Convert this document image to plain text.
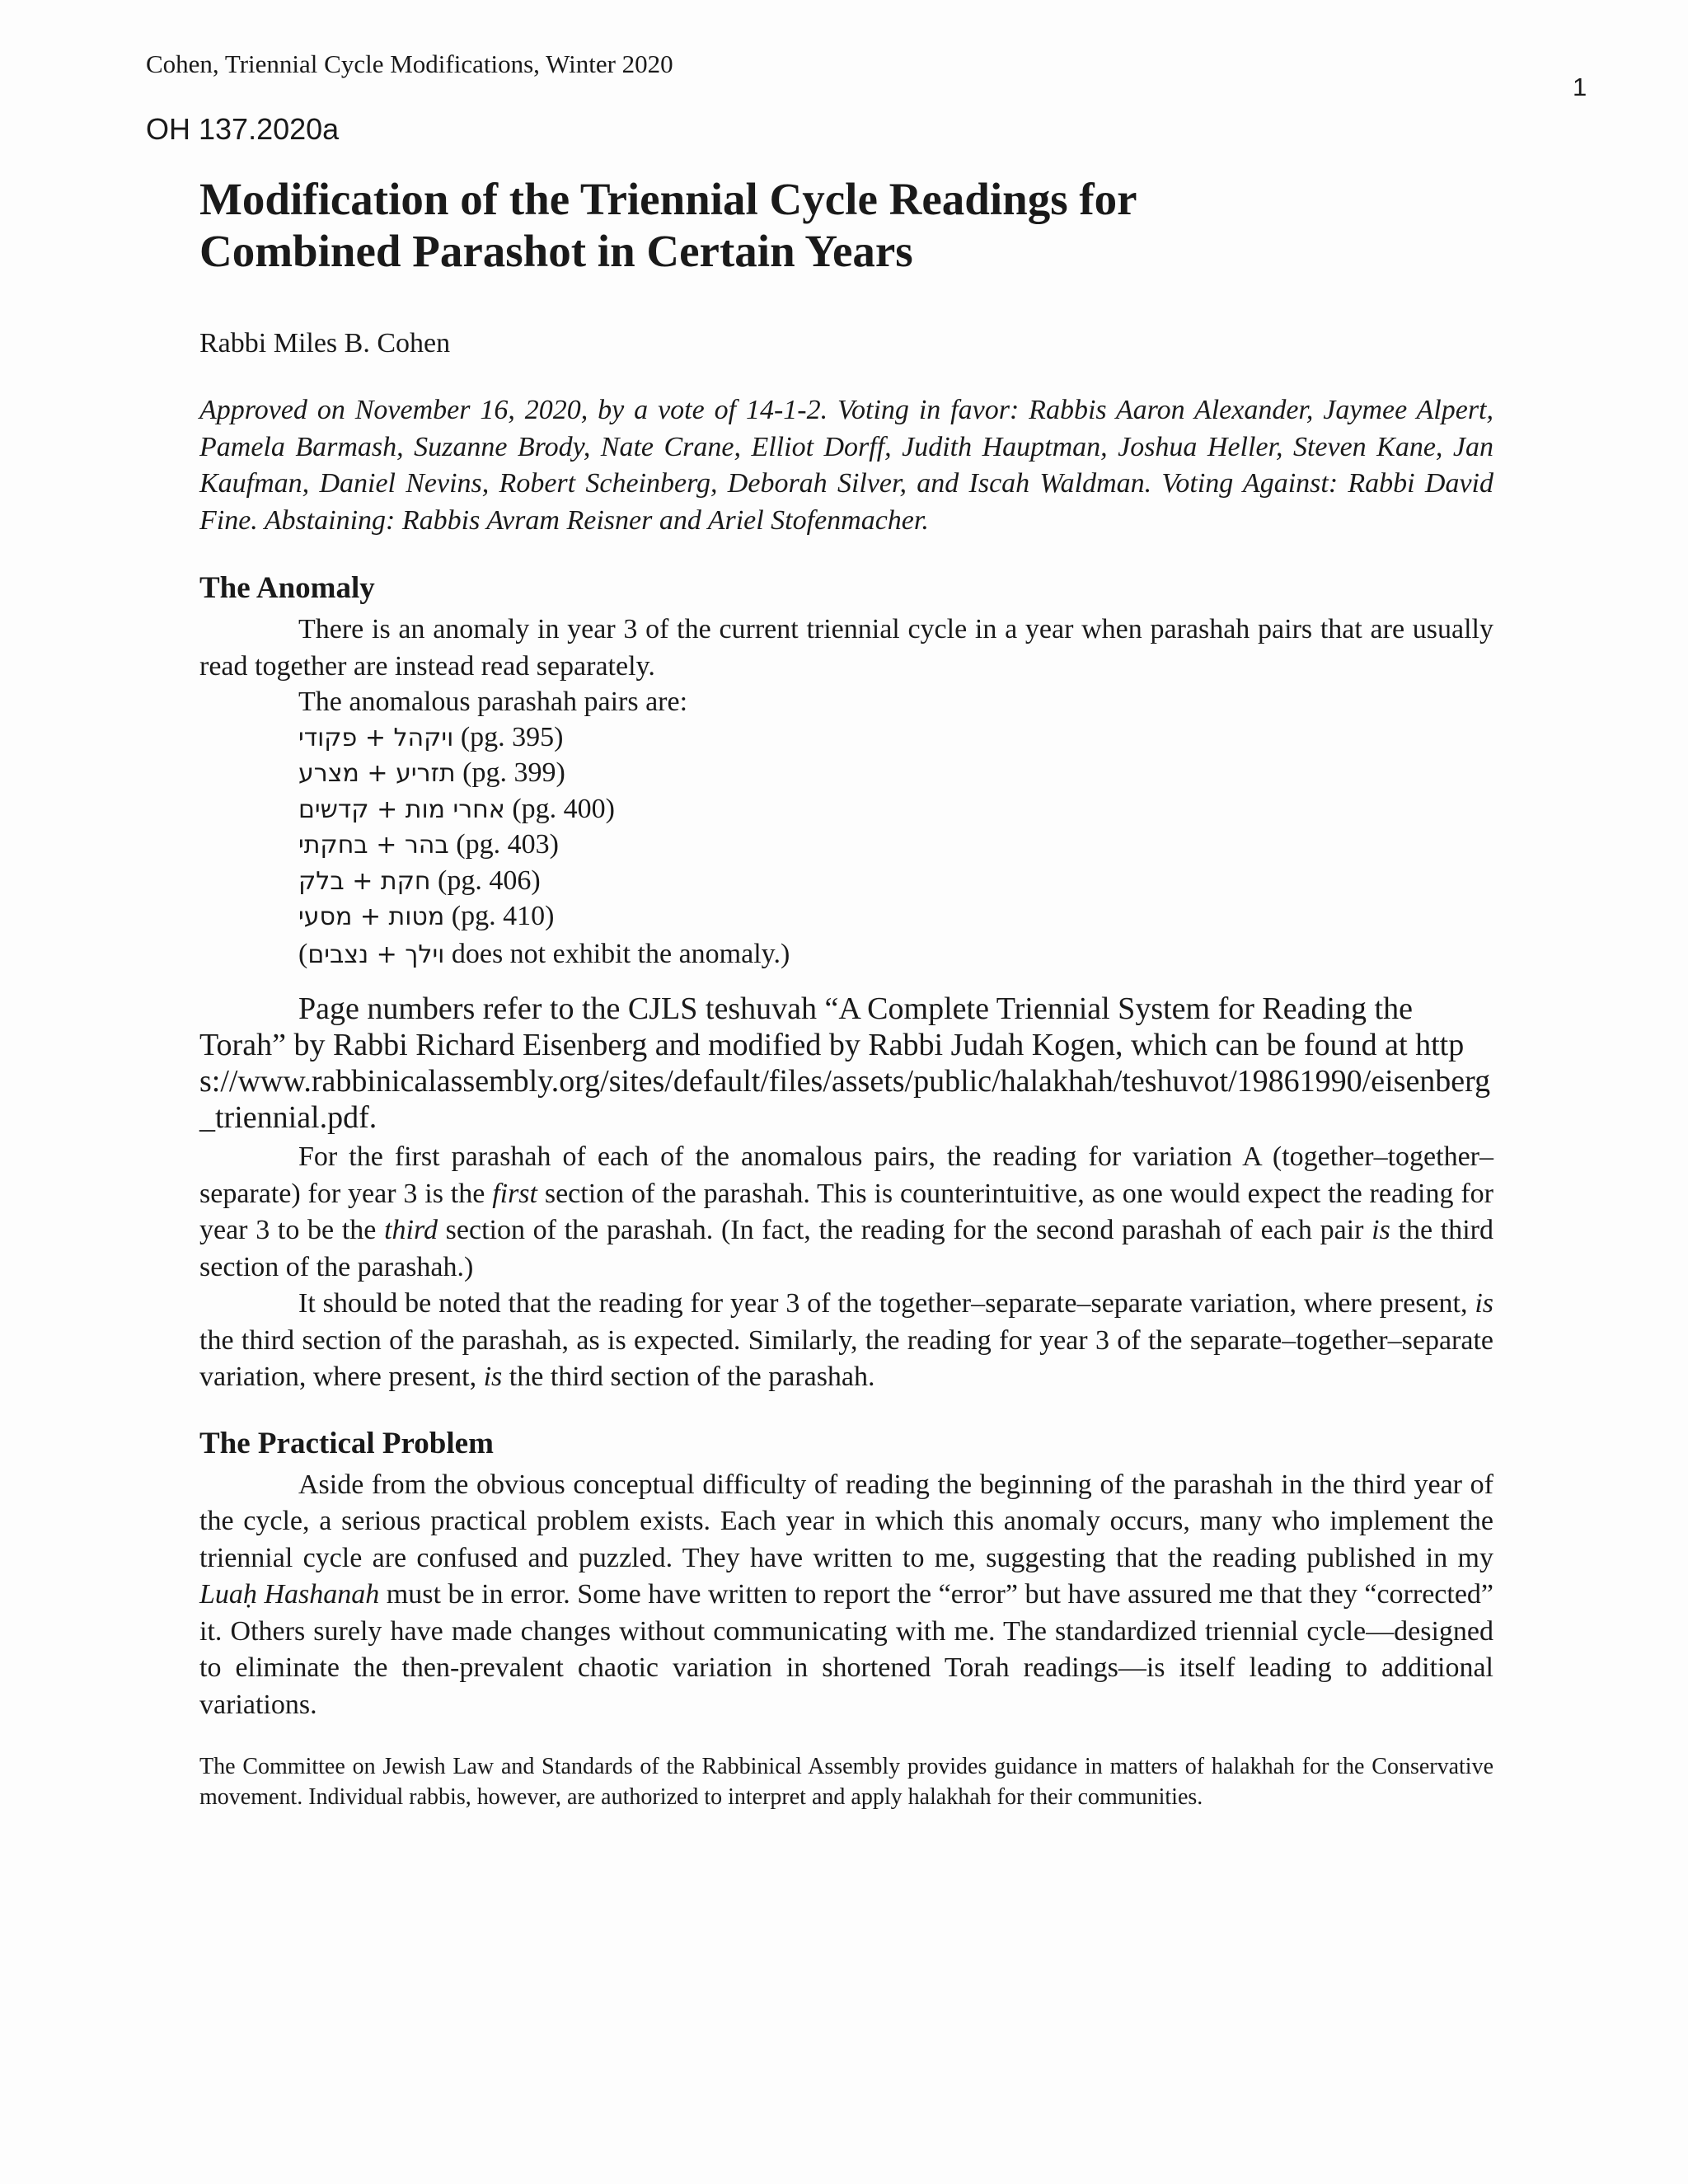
Cohen, Triennial Cycle Modifications, Winter 2020
1
OH 137.2020a
Modification of the Triennial Cycle Readings for
Combined Parashot in Certain Years
Rabbi Miles B. Cohen

Approved on November 16, 2020, by a vote of 14-1-2. Voting in favor: Rabbis Aaron Alexander, Jaymee Alpert, Pamela Barmash, Suzanne Brody, Nate Crane, Elliot Dorff, Judith Hauptman, Joshua Heller, Steven Kane, Jan Kaufman, Daniel Nevins, Robert Scheinberg, Deborah Silver, and Iscah Waldman. Voting Against: Rabbi David Fine. Abstaining: Rabbis Avram Reisner and Ariel Stofenmacher.

The Anomaly

There is an anomaly in year 3 of the current triennial cycle in a year when parashah pairs that are usually read together are instead read separately.

The anomalous parashah pairs are:
ויקהל + פקודי (pg. 395)
תזריע + מצרע (pg. 399)
אחרי מות + קדשים (pg. 400)
בהר + בחקתי (pg. 403)
חקת + בלק (pg. 406)
מטות + מסעי (pg. 410)
(וילך + נצבים does not exhibit the anomaly.)

Page numbers refer to the CJLS teshuvah “A Complete Triennial System for Reading the Torah” by Rabbi Richard Eisenberg and modified by Rabbi Judah Kogen, which can be found at https://www.rabbinicalassembly.org/sites/default/files/assets/public/halakhah/teshuvot/19861990/eisenberg_triennial.pdf.

For the first parashah of each of the anomalous pairs, the reading for variation A (together–together–separate) for year 3 is the first section of the parashah. This is counterintuitive, as one would expect the reading for year 3 to be the third section of the parashah. (In fact, the reading for the second parashah of each pair is the third section of the parashah.)

It should be noted that the reading for year 3 of the together–separate–separate variation, where present, is the third section of the parashah, as is expected. Similarly, the reading for year 3 of the separate–together–separate variation, where present, is the third section of the parashah.

The Practical Problem

Aside from the obvious conceptual difficulty of reading the beginning of the parashah in the third year of the cycle, a serious practical problem exists. Each year in which this anomaly occurs, many who implement the triennial cycle are confused and puzzled. They have written to me, suggesting that the reading published in my Luaḥ Hashanah must be in error. Some have written to report the “error” but have assured me that they “corrected” it. Others surely have made changes without communicating with me. The standardized triennial cycle—designed to eliminate the then-prevalent chaotic variation in shortened Torah readings—is itself leading to additional variations.

The Committee on Jewish Law and Standards of the Rabbinical Assembly provides guidance in matters of halakhah for the Conservative movement. Individual rabbis, however, are authorized to interpret and apply halakhah for their communities.
